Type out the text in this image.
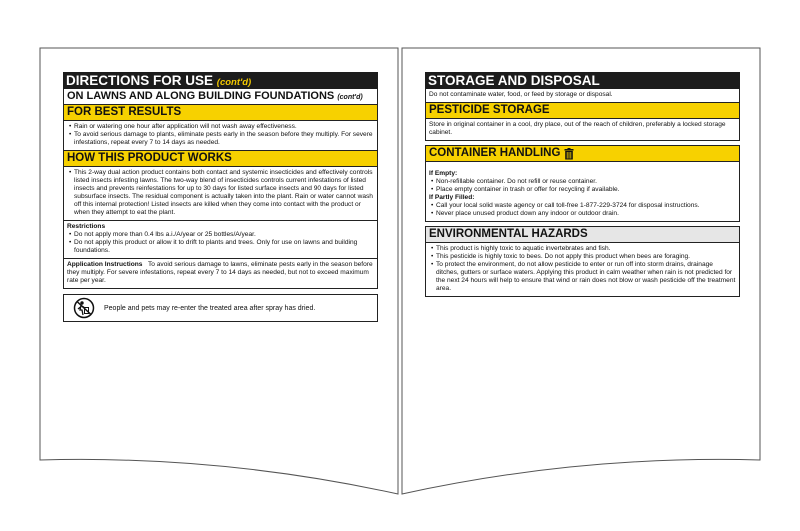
DIRECTIONS FOR USE (cont'd)
ON LAWNS AND ALONG BUILDING FOUNDATIONS (cont'd)
FOR BEST RESULTS
• Rain or watering one hour after application will not wash away effectiveness.
• To avoid serious damage to plants, eliminate pests early in the season before they multiply. For severe infestations, repeat every 7 to 14 days as needed.
HOW THIS PRODUCT WORKS
• This 2-way dual action product contains both contact and systemic insecticides and effectively controls listed insects infesting lawns. The two-way blend of insecticides controls current infestations of listed insects and prevents reinfestations for up to 30 days for listed surface insects and 90 days for listed subsurface insects. The residual component is actually taken into the plant. Rain or water cannot wash off this internal protection! Listed insects are killed when they come into contact with the product or when they attempt to eat the plant.
Restrictions
• Do not apply more than 0.4 lbs a.i./A/year or 25 bottles/A/year.
• Do not apply this product or allow it to drift to plants and trees. Only for use on lawns and building foundations.
Application Instructions To avoid serious damage to lawns, eliminate pests early in the season before they multiply. For severe infestations, repeat every 7 to 14 days as needed, but not to exceed maximum rate per year.
People and pets may re-enter the treated area after spray has dried.
STORAGE AND DISPOSAL
Do not contaminate water, food, or feed by storage or disposal.
PESTICIDE STORAGE
Store in original container in a cool, dry place, out of the reach of children, preferably a locked storage cabinet.
CONTAINER HANDLING
If Empty:
• Non-refillable container. Do not refill or reuse container.
• Place empty container in trash or offer for recycling if available.
If Partly Filled:
• Call your local solid waste agency or call toll-free 1-877-229-3724 for disposal instructions.
• Never place unused product down any indoor or outdoor drain.
ENVIRONMENTAL HAZARDS
• This product is highly toxic to aquatic invertebrates and fish.
• This pesticide is highly toxic to bees. Do not apply this product when bees are foraging.
• To protect the environment, do not allow pesticide to enter or run off into storm drains, drainage ditches, gutters or surface waters. Applying this product in calm weather when rain is not predicted for the next 24 hours will help to ensure that wind or rain does not blow or wash pesticide off the treatment area.
